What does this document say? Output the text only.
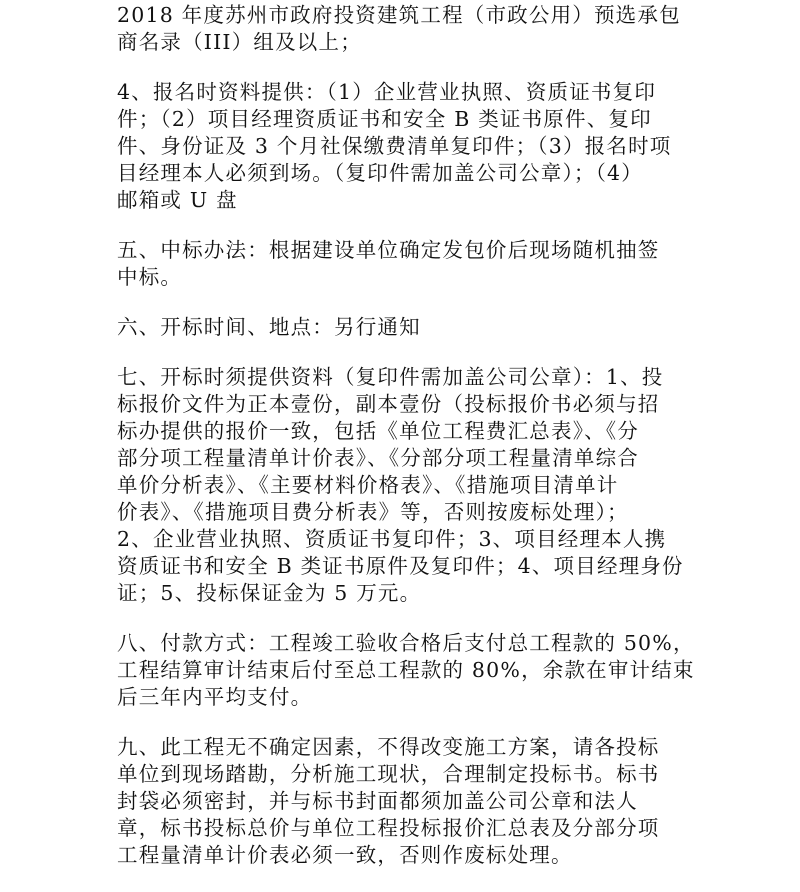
2018 年度苏州市政府投资建筑工程（市政公用）预选承包
商名录（III）组及以上；

4、报名时资料提供：（1）企业营业执照、资质证书复印
件；（2）项目经理资质证书和安全 B 类证书原件、复印
件、身份证及 3 个月社保缴费清单复印件；（3）报名时项
目经理本人必须到场。（复印件需加盖公司公章）；（4）
邮箱或 U 盘

五、中标办法：根据建设单位确定发包价后现场随机抽签
中标。

六、开标时间、地点：另行通知

七、开标时须提供资料（复印件需加盖公司公章）：1、投
标报价文件为正本壹份，副本壹份（投标报价书必须与招
标办提供的报价一致，包括《单位工程费汇总表》、《分
部分项工程量清单计价表》、《分部分项工程量清单综合
单价分析表》、《主要材料价格表》、《措施项目清单计
价表》、《措施项目费分析表》等，否则按废标处理）；
2、企业营业执照、资质证书复印件；3、项目经理本人携
资质证书和安全 B 类证书原件及复印件；4、项目经理身份
证；5、投标保证金为 5 万元。

八、付款方式：工程竣工验收合格后支付总工程款的 50%，
工程结算审计结束后付至总工程款的 80%，余款在审计结束
后三年内平均支付。

九、此工程无不确定因素，不得改变施工方案，请各投标
单位到现场踏勘，分析施工现状，合理制定投标书。标书
封袋必须密封，并与标书封面都须加盖公司公章和法人
章，标书投标总价与单位工程投标报价汇总表及分部分项
工程量清单计价表必须一致，否则作废标处理。
